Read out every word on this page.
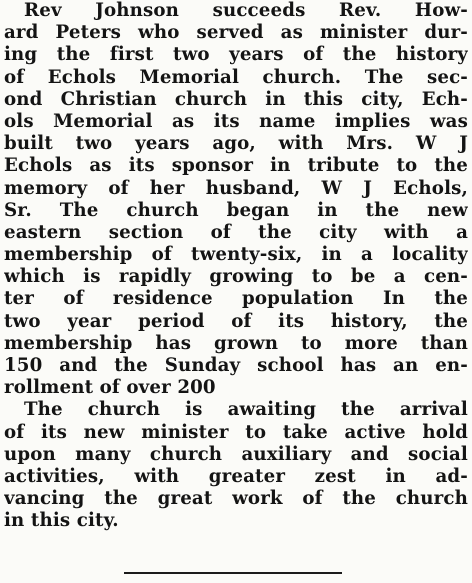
Rev Johnson succeeds Rev. How-
ard Peters who served as minister dur-
ing the first two years of the history
of Echols Memorial church. The sec-
ond Christian church in this city, Ech-
ols Memorial as its name implies was
built two years ago, with Mrs. W J
Echols as its sponsor in tribute to the
memory of her husband, W J Echols,
Sr. The church began in the new
eastern section of the city with a
membership of twenty-six, in a locality
which is rapidly growing to be a cen-
ter of residence population In the
two year period of its history, the
membership has grown to more than
150 and the Sunday school has an en-
rollment of over 200
The church is awaiting the arrival
of its new minister to take active hold
upon many church auxiliary and social
activities, with greater zest in ad-
vancing the great work of the church
in this city.
